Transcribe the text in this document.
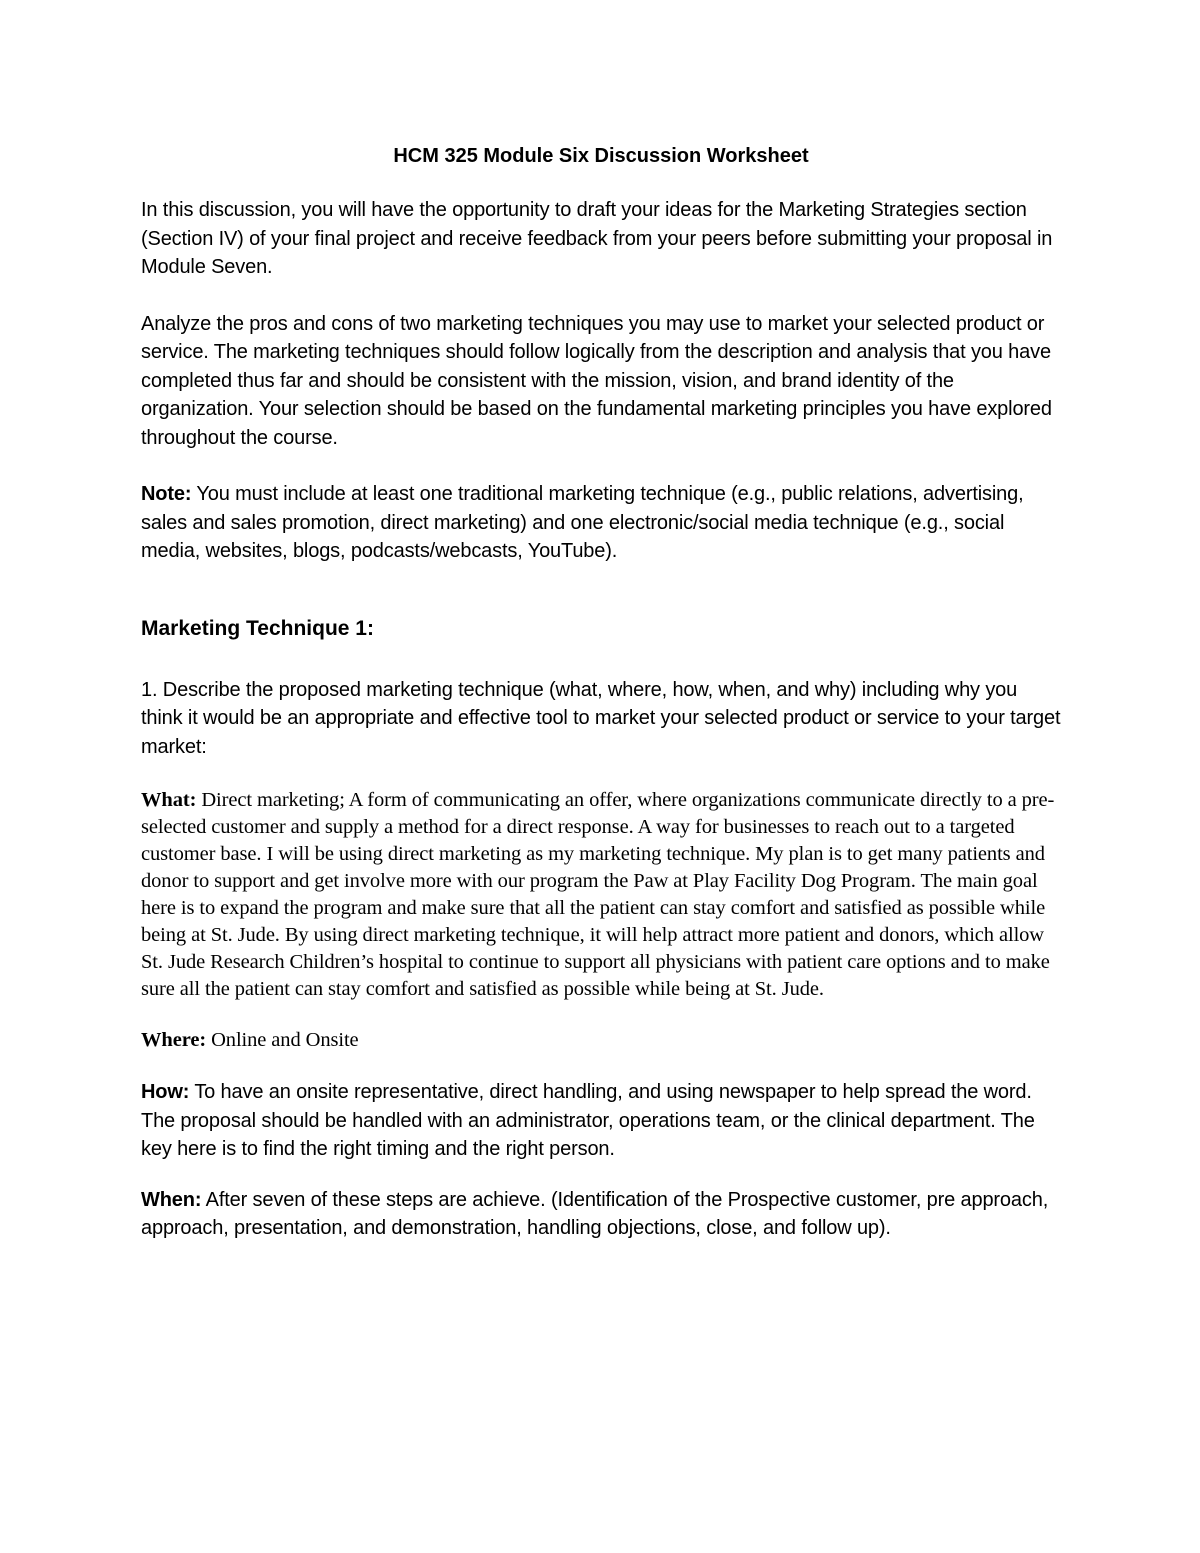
HCM 325 Module Six Discussion Worksheet

In this discussion, you will have the opportunity to draft your ideas for the Marketing Strategies section (Section IV) of your final project and receive feedback from your peers before submitting your proposal in Module Seven.

Analyze the pros and cons of two marketing techniques you may use to market your selected product or service. The marketing techniques should follow logically from the description and analysis that you have completed thus far and should be consistent with the mission, vision, and brand identity of the organization. Your selection should be based on the fundamental marketing principles you have explored throughout the course.

Note: You must include at least one traditional marketing technique (e.g., public relations, advertising, sales and sales promotion, direct marketing) and one electronic/social media technique (e.g., social media, websites, blogs, podcasts/webcasts, YouTube).

Marketing Technique 1:

1. Describe the proposed marketing technique (what, where, how, when, and why) including why you think it would be an appropriate and effective tool to market your selected product or service to your target market:

What: Direct marketing; A form of communicating an offer, where organizations communicate directly to a pre-selected customer and supply a method for a direct response. A way for businesses to reach out to a targeted customer base. I will be using direct marketing as my marketing technique. My plan is to get many patients and donor to support and get involve more with our program the Paw at Play Facility Dog Program. The main goal here is to expand the program and make sure that all the patient can stay comfort and satisfied as possible while being at St. Jude. By using direct marketing technique, it will help attract more patient and donors, which allow St. Jude Research Children’s hospital to continue to support all physicians with patient care options and to make sure all the patient can stay comfort and satisfied as possible while being at St. Jude.

Where: Online and Onsite

How: To have an onsite representative, direct handling, and using newspaper to help spread the word. The proposal should be handled with an administrator, operations team, or the clinical department. The key here is to find the right timing and the right person.

When: After seven of these steps are achieve. (Identification of the Prospective customer, pre approach, approach, presentation, and demonstration, handling objections, close, and follow up).
